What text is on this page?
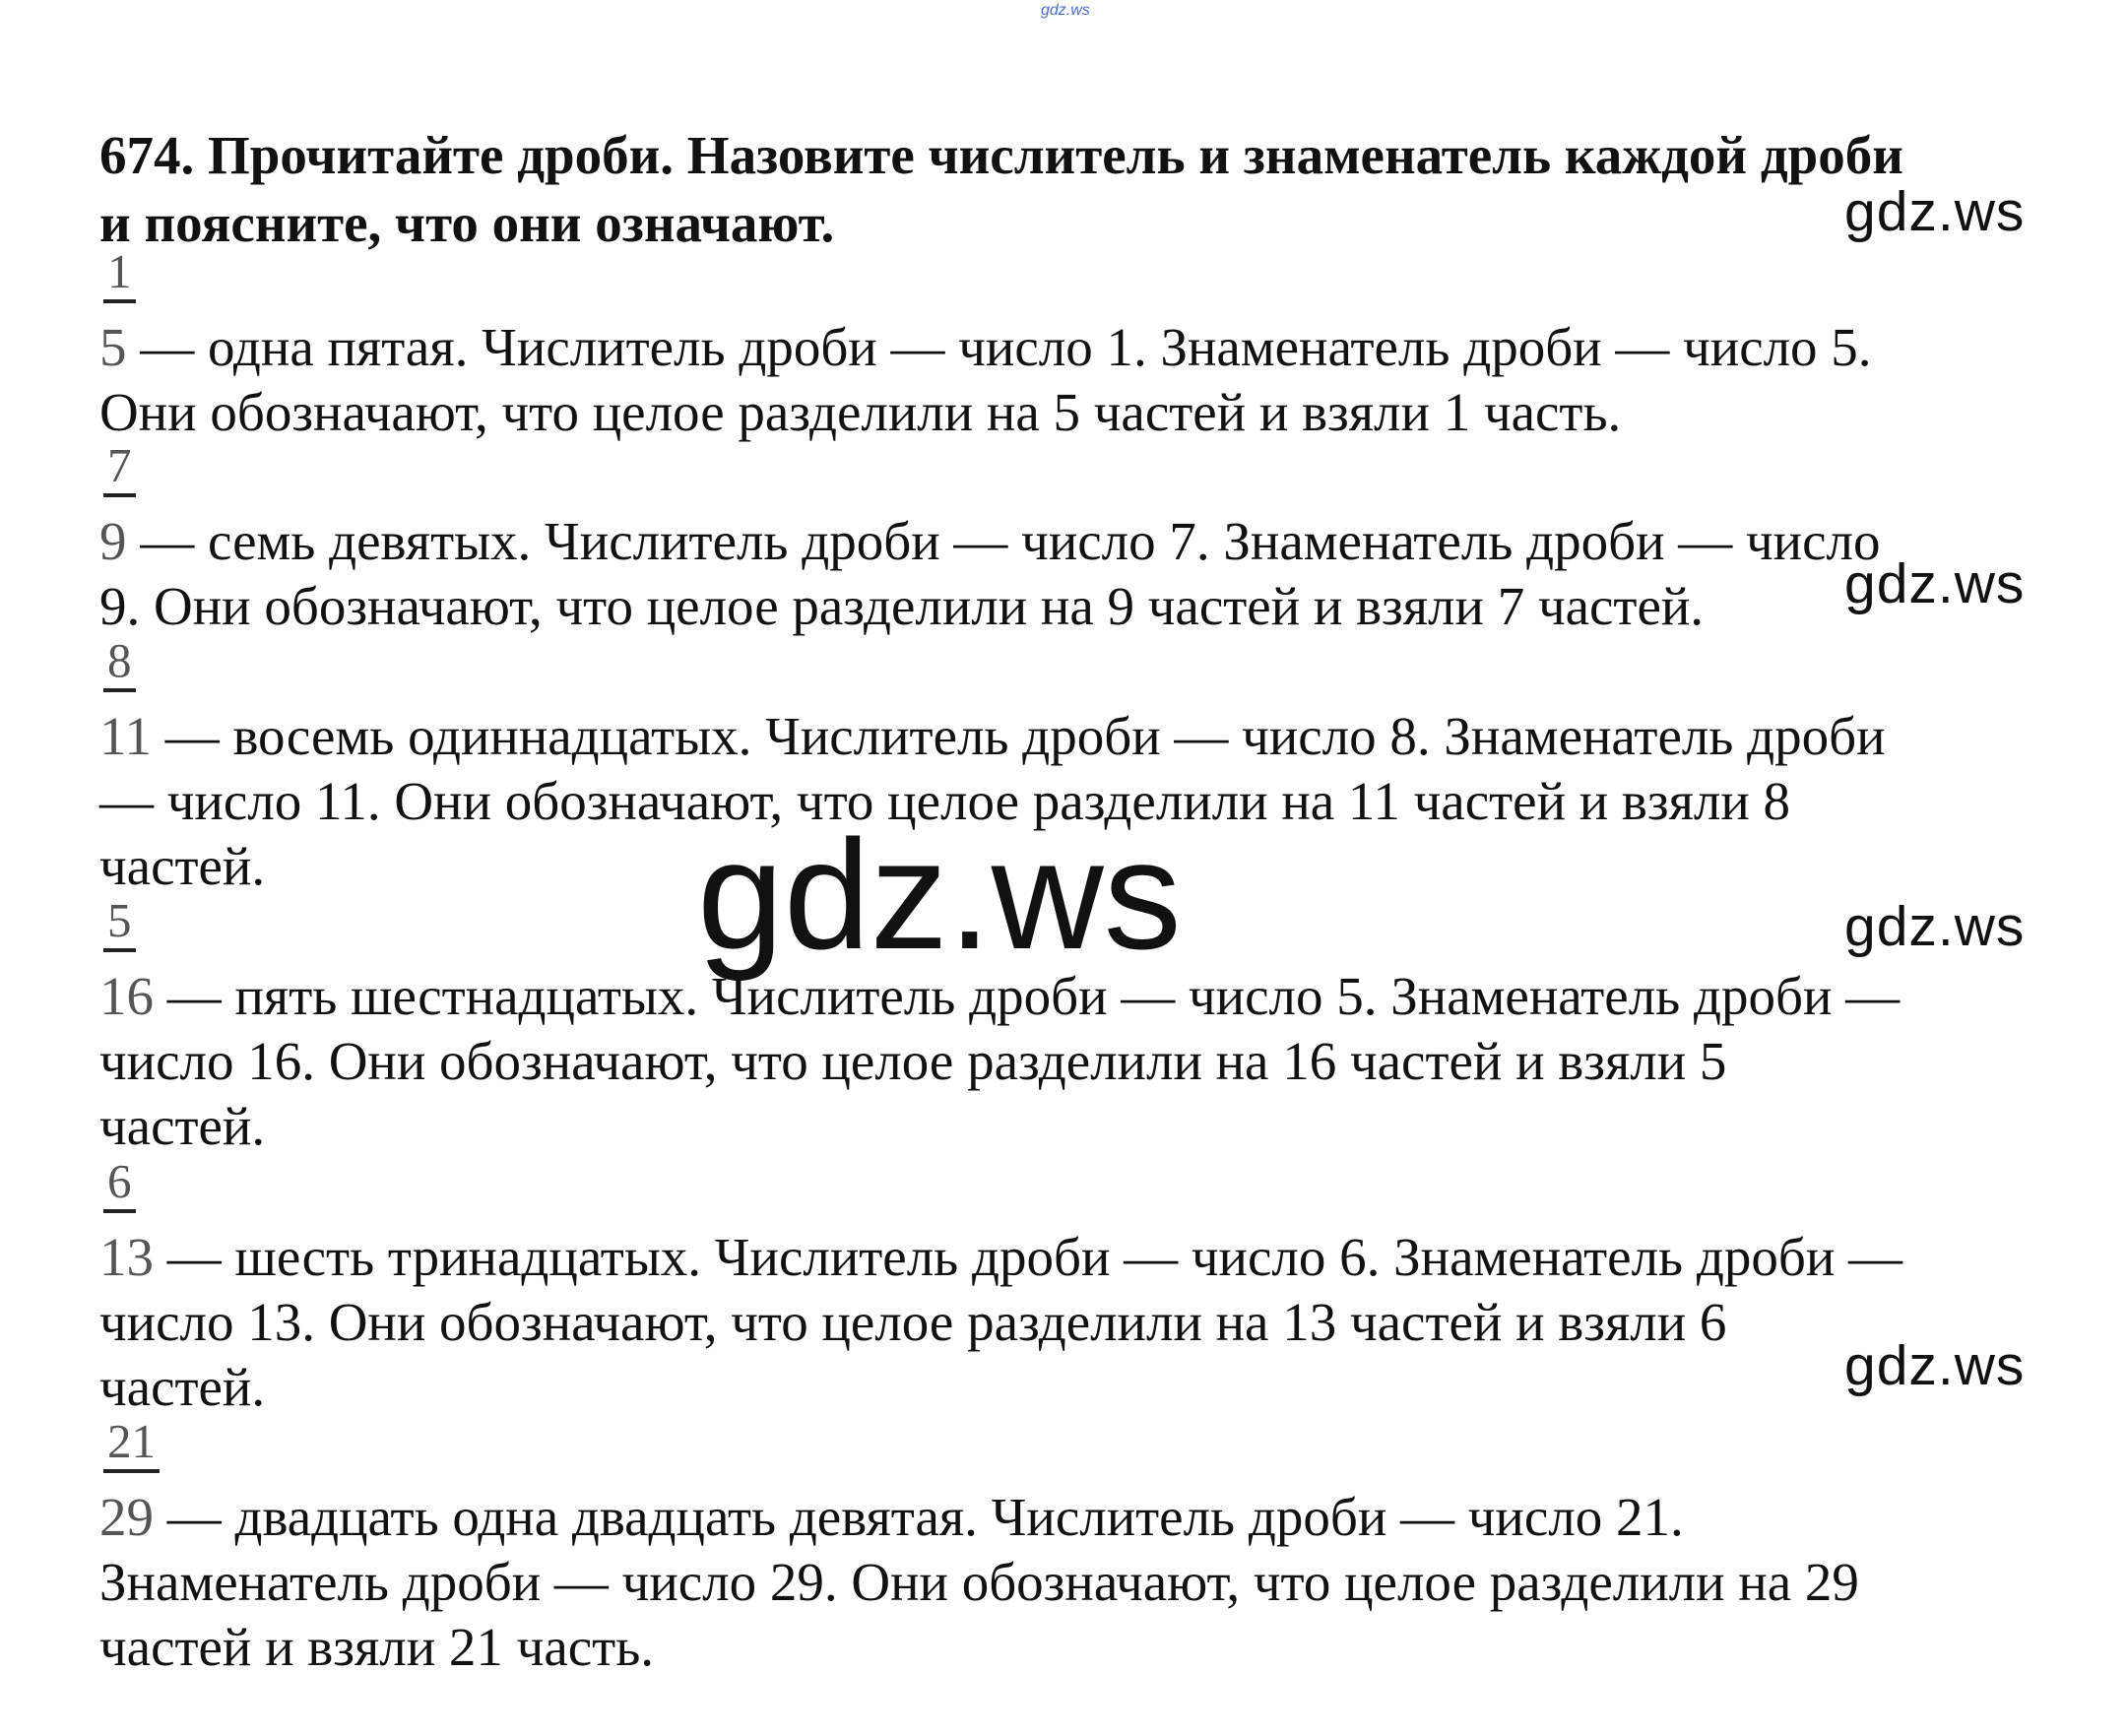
gdz.ws
674. Прочитайте дроби. Назовите числитель и знаменатель каждой дроби
и поясните, что они означают.
1

5 — одна пятая. Числитель дроби — число 1. Знаменатель дроби — число 5.

Они обозначают, что целое разделили на 5 частей и взяли 1 часть.

7

9 — семь девятых. Числитель дроби — число 7. Знаменатель дроби — число

9. Они обозначают, что целое разделили на 9 частей и взяли 7 частей.

8

11 — восемь одиннадцатых. Числитель дроби — число 8. Знаменатель дроби

— число 11. Они обозначают, что целое разделили на 11 частей и взяли 8

частей.

5

16 — пять шестнадцатых. Числитель дроби — число 5. Знаменатель дроби —

число 16. Они обозначают, что целое разделили на 16 частей и взяли 5

частей.

6

13 — шесть тринадцатых. Числитель дроби — число 6. Знаменатель дроби —

число 13. Они обозначают, что целое разделили на 13 частей и взяли 6

частей.

21

29 — двадцать одна двадцать девятая. Числитель дроби — число 21.

Знаменатель дроби — число 29. Они обозначают, что целое разделили на 29

частей и взяли 21 часть.

gdz.ws
gdz.ws
gdz.ws
gdz.ws
gdz.ws
